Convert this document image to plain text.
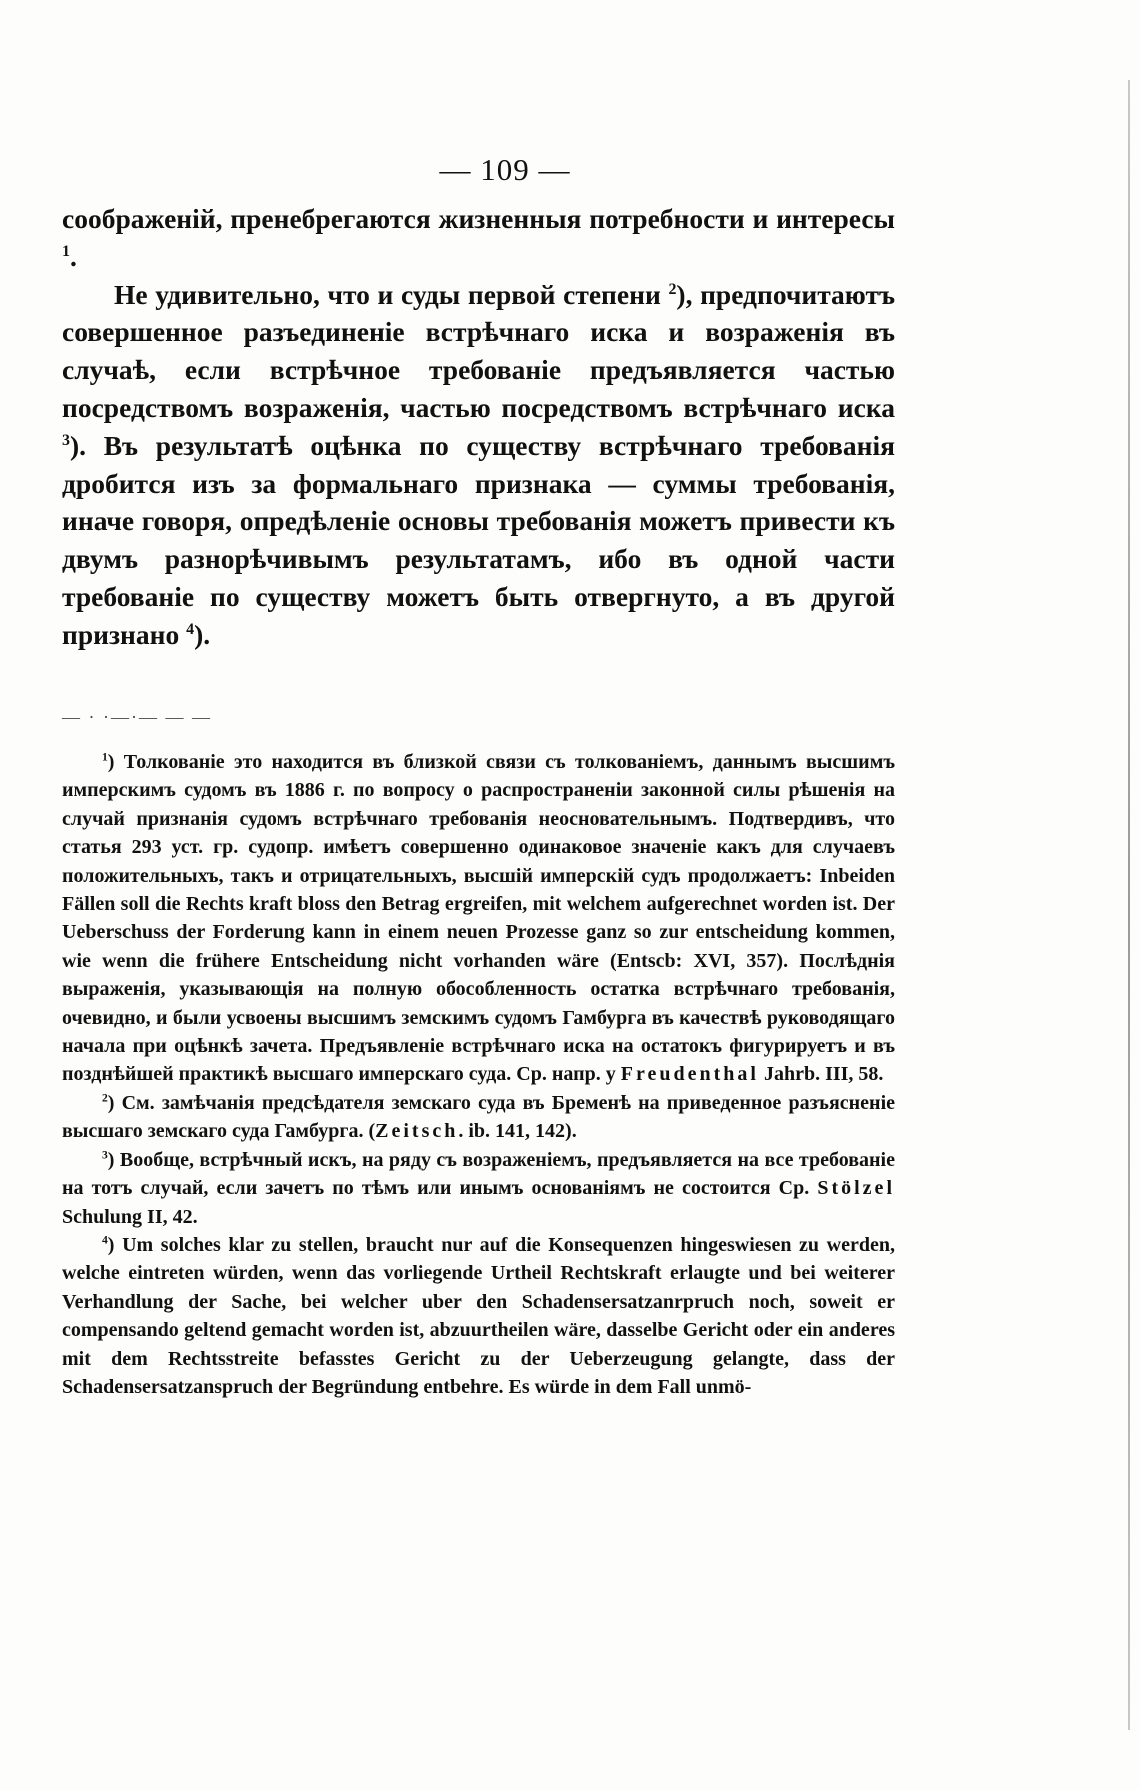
— 109 —

соображеній, пренебрегаются жизненныя потребности и интересы $^1$.

Не удивительно, что и суды первой степени $^2$), предпочитаютъ совершенное разъединеніе встрѣчнаго иска и возраженія въ случаѣ, если встрѣчное требованіе предъявляется частью посредствомъ возраженія, частью посредствомъ встрѣчнаго иска $^3$). Въ результатѣ оцѣнка по существу встрѣчнаго требованія дробится изъ за формальнаго признака — суммы требованія, иначе говоря, опредѣленіе основы требованія можетъ привести къ двумъ разнорѣчивымъ результатамъ, ибо въ одной части требованіе по существу можетъ быть отвергнуто, а въ другой признано $^4$).

— · ·—·— — —

$^1$) Толкованіе это находится въ близкой связи съ толкованіемъ, даннымъ высшимъ имперскимъ судомъ въ 1886 г. по вопросу о распространеніи законной силы рѣшенія на случай признанія судомъ встрѣчнаго требованія неосновательнымъ. Подтвердивъ, что статья 293 уст. гр. судопр. имѣетъ совершенно одинаковое значеніе какъ для случаевъ положительныхъ, такъ и отрицательныхъ, высшій имперскій судъ продолжаетъ: Inbeiden Fällen soll die Rechts kraft bloss den Betrag ergreifen, mit welchem aufgerechnet worden ist. Der Ueberschuss der Forderung kann in einem neuen Prozesse ganz so zur entscheidung kommen, wie wenn die frühere Entscheidung nicht vorhanden wäre (Entscb: XVI, 357). Послѣднія выраженія, указывающія на полную обособленность остатка встрѣчнаго требованія, очевидно, и были усвоены высшимъ земскимъ судомъ Гамбурга въ качествѣ руководящаго начала при оцѣнкѣ зачета. Предъявленіе встрѣчнаго иска на остатокъ фигурируетъ и въ позднѣйшей практикѣ высшаго имперскаго суда. Ср. напр. у Freudenthal Jahrb. III, 58.

$^2$) См. замѣчанія предсѣдателя земскаго суда въ Бременѣ на приведенное разъясненіе высшаго земскаго суда Гамбурга. (Zeitsch. ib. 141, 142).

$^3$) Вообще, встрѣчный искъ, на ряду съ возраженіемъ, предъявляется на все требованіе на тотъ случай, если зачетъ по тѣмъ или инымъ основаніямъ не состоится Ср. Stölzel Schulung II, 42.

$^4$) Um solches klar zu stellen, braucht nur auf die Konsequenzen hingeswiesen zu werden, welche eintreten würden, wenn das vorliegende Urtheil Rechtskraft erlaugte und bei weiterer Verhandlung der Sache, bei welcher uber den Schadensersatzanrpruch noch, soweit er compensando geltend gemacht worden ist, abzuurtheilen wäre, dasselbe Gericht oder ein anderes mit dem Rechtsstreite befasstes Gericht zu der Ueberzeugung gelangte, dass der Schadensersatzanspruch der Begründung entbehre. Es würde in dem Fall unmö-
